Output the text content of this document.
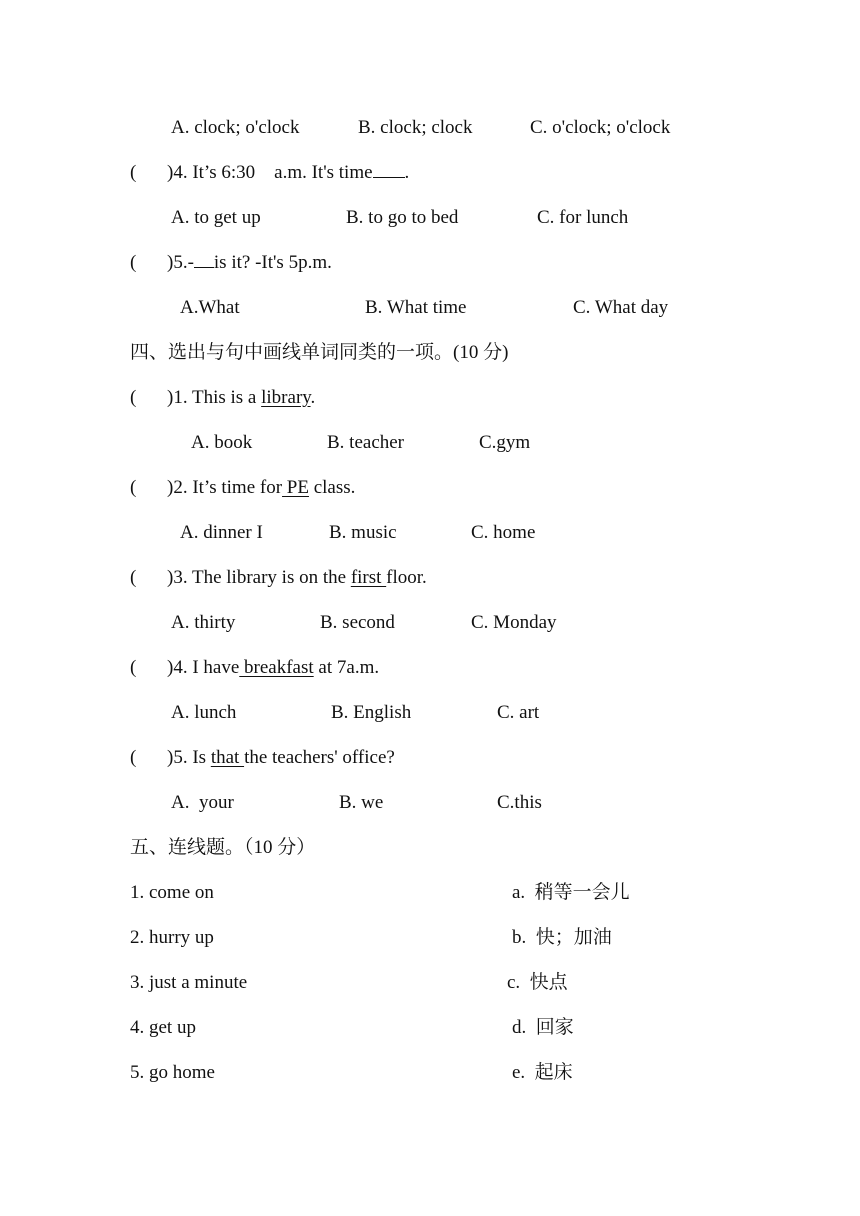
A. clock; o'clock	B. clock; clock	C. o'clock; o'clock
( )4. It’s 6:30    a.m. It's time .
A. to get up	B. to go to bed	C. for lunch
( )5.- is it? -It's 5p.m.
A.What	B. What time	C. What day
四、选出与句中画线单词同类的一项。(10 分)
( )1. This is a library.
A. book	B. teacher	C.gym
( )2. It’s time for PE class.
A. dinner I	B. music	C. home
( )3. The library is on the first floor.
A. thirty	B. second	C. Monday
( )4. I have breakfast at 7a.m.
A. lunch	B. English	C. art
( )5. Is that the teachers' office?
A.  your	B. we	C.this
五、连线题。（10 分）
1. come on	a.  稍等一会儿
2. hurry up	b.  快；加油
3. just a minute	c.  快点
4. get up	d.  回家
5. go home	e.  起床
